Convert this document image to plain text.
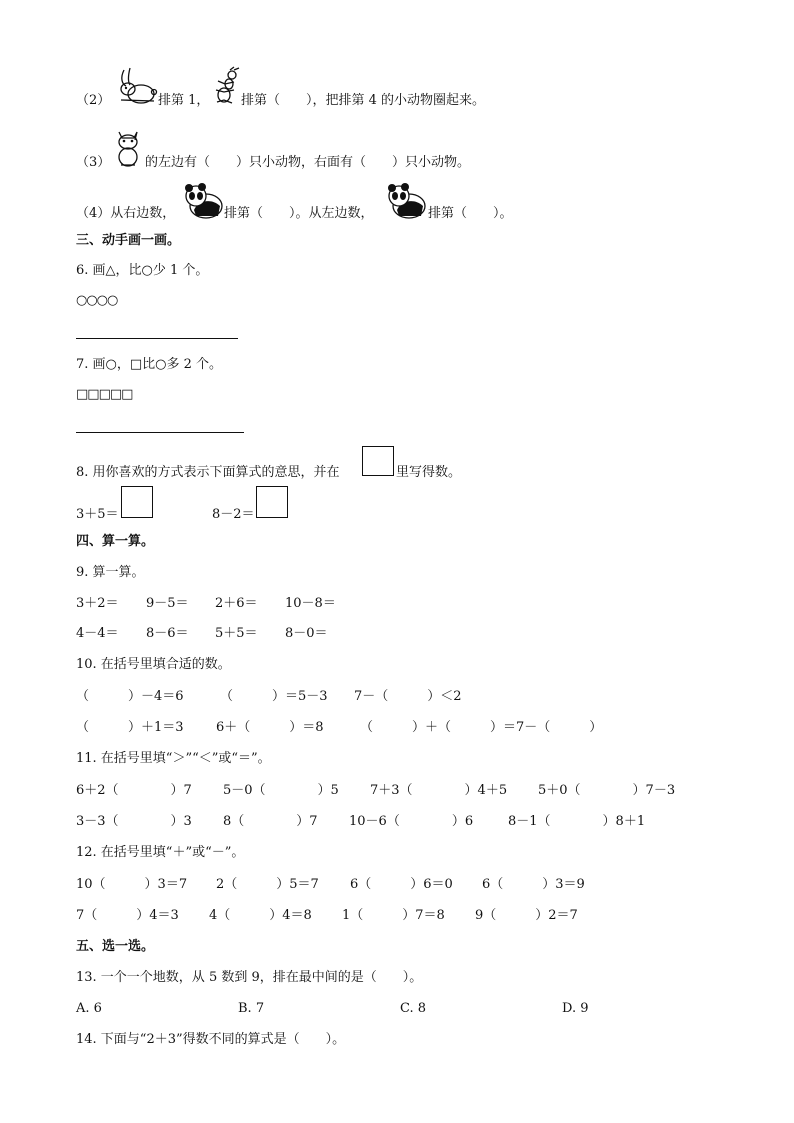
（2）	排第 1， 排第（　　），把排第 4 的小动物圈起来。
（3）	的左边有（　　）只小动物，右面有（　　）只小动物。
（4）从右边数，	排第（　　）。从左边数，	排第（　　）。
三、动手画一画。
6. 画△，比○少 1 个。
○○○○
7. 画○，□比○多 2 个。
□□□□□
8. 用你喜欢的方式表示下面算式的意思，并在	里写得数。
3＋5＝	8－2＝
四、算一算。
9. 算一算。
3＋2＝ 9－5＝ 2＋6＝ 10－8＝
4－4＝ 8－6＝ 5＋5＝ 8－0＝
10. 在括号里填合适的数。
（　　　）－4＝6	（　　　）＝5－3 7－（　　　）＜2
（　　　）＋1＝3 6＋（　　　）＝8	（　　　）＋（　　　）＝7－（　　　）
11. 在括号里填“＞”“＜”或“＝”。
6＋2（　　　　）7 5－0（　　　　）5 7＋3（　　　　）4＋5 5＋0（　　　　）7－3
3－3（　　　　）3 8（　　　　）7 10－6（　　　　）6	8－1（　　　　）8＋1
12. 在括号里填“＋”或“－”。
10（　　　）3＝7 2（　　　）5＝7 6（　　　）6＝0 6（　　　）3＝9
7（　　　）4＝3 4（　　　）4＝8 1（　　　）7＝8 9（　　　）2＝7
五、选一选。
13. 一个一个地数，从 5 数到 9，排在最中间的是（　　）。
A. 6	B. 7	C. 8	D. 9
14. 下面与“2＋3”得数不同的算式是（　　）。
